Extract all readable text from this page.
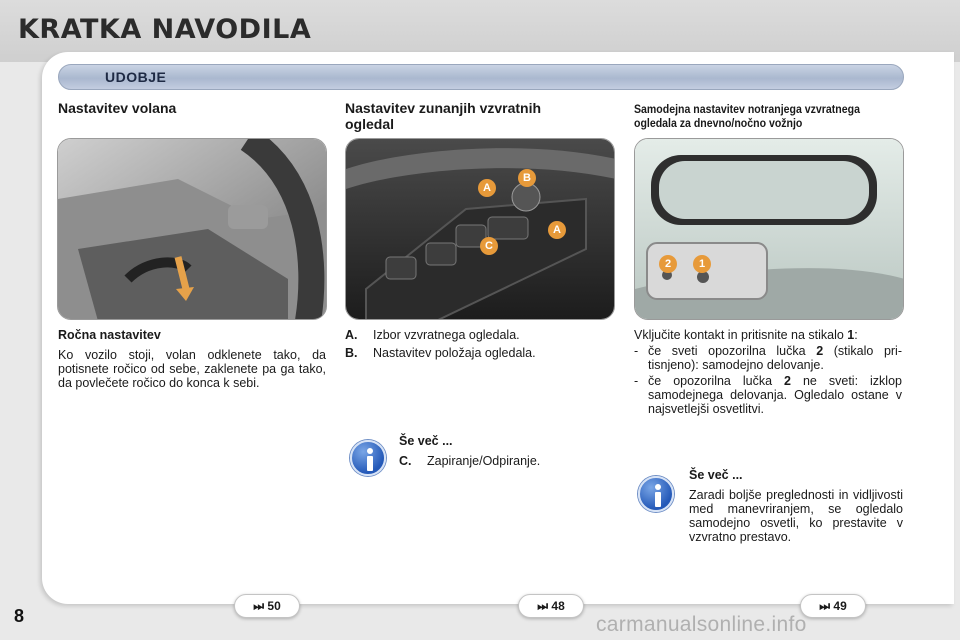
KRATKA NAVODILA
UDOBJE
Nastavitev volana	Nastavitev zunanjih vzvratnih
ogledal
Samodejna nastavitev notranjega vzvratnega
ogledala za dnevno/nočno vožnjo
A
B
A
C
2	1
Ročna nastavitev
Ko vozilo stoji, volan odklenete tako, da potisnete ročico od sebe, zaklenete pa ga tako, da povlečete ročico do konca k sebi.
A.	Izbor vzvratnega ogledala.
B.	Nastavitev položaja ogledala.
Še več ...
C.	Zapiranje/Odpiranje.
Vključite kontakt in pritisnite na stikalo 1:
- če sveti opozorilna lučka 2 (stikalo pri-tisnjeno): samodejno delovanje.
- če opozorilna lučka 2 ne sveti: izklop samodejnega delovanja. Ogledalo ostane v najsvetlejši osvetlitvi.
Še več ...
Zaradi boljše preglednosti in vidljivosti med manevriranjem, se ogledalo samodejno osvetli, ko prestavite v vzvratno prestavo.
8	⏭ 50	⏭ 48	⏭ 49
carmanualsonline.info
